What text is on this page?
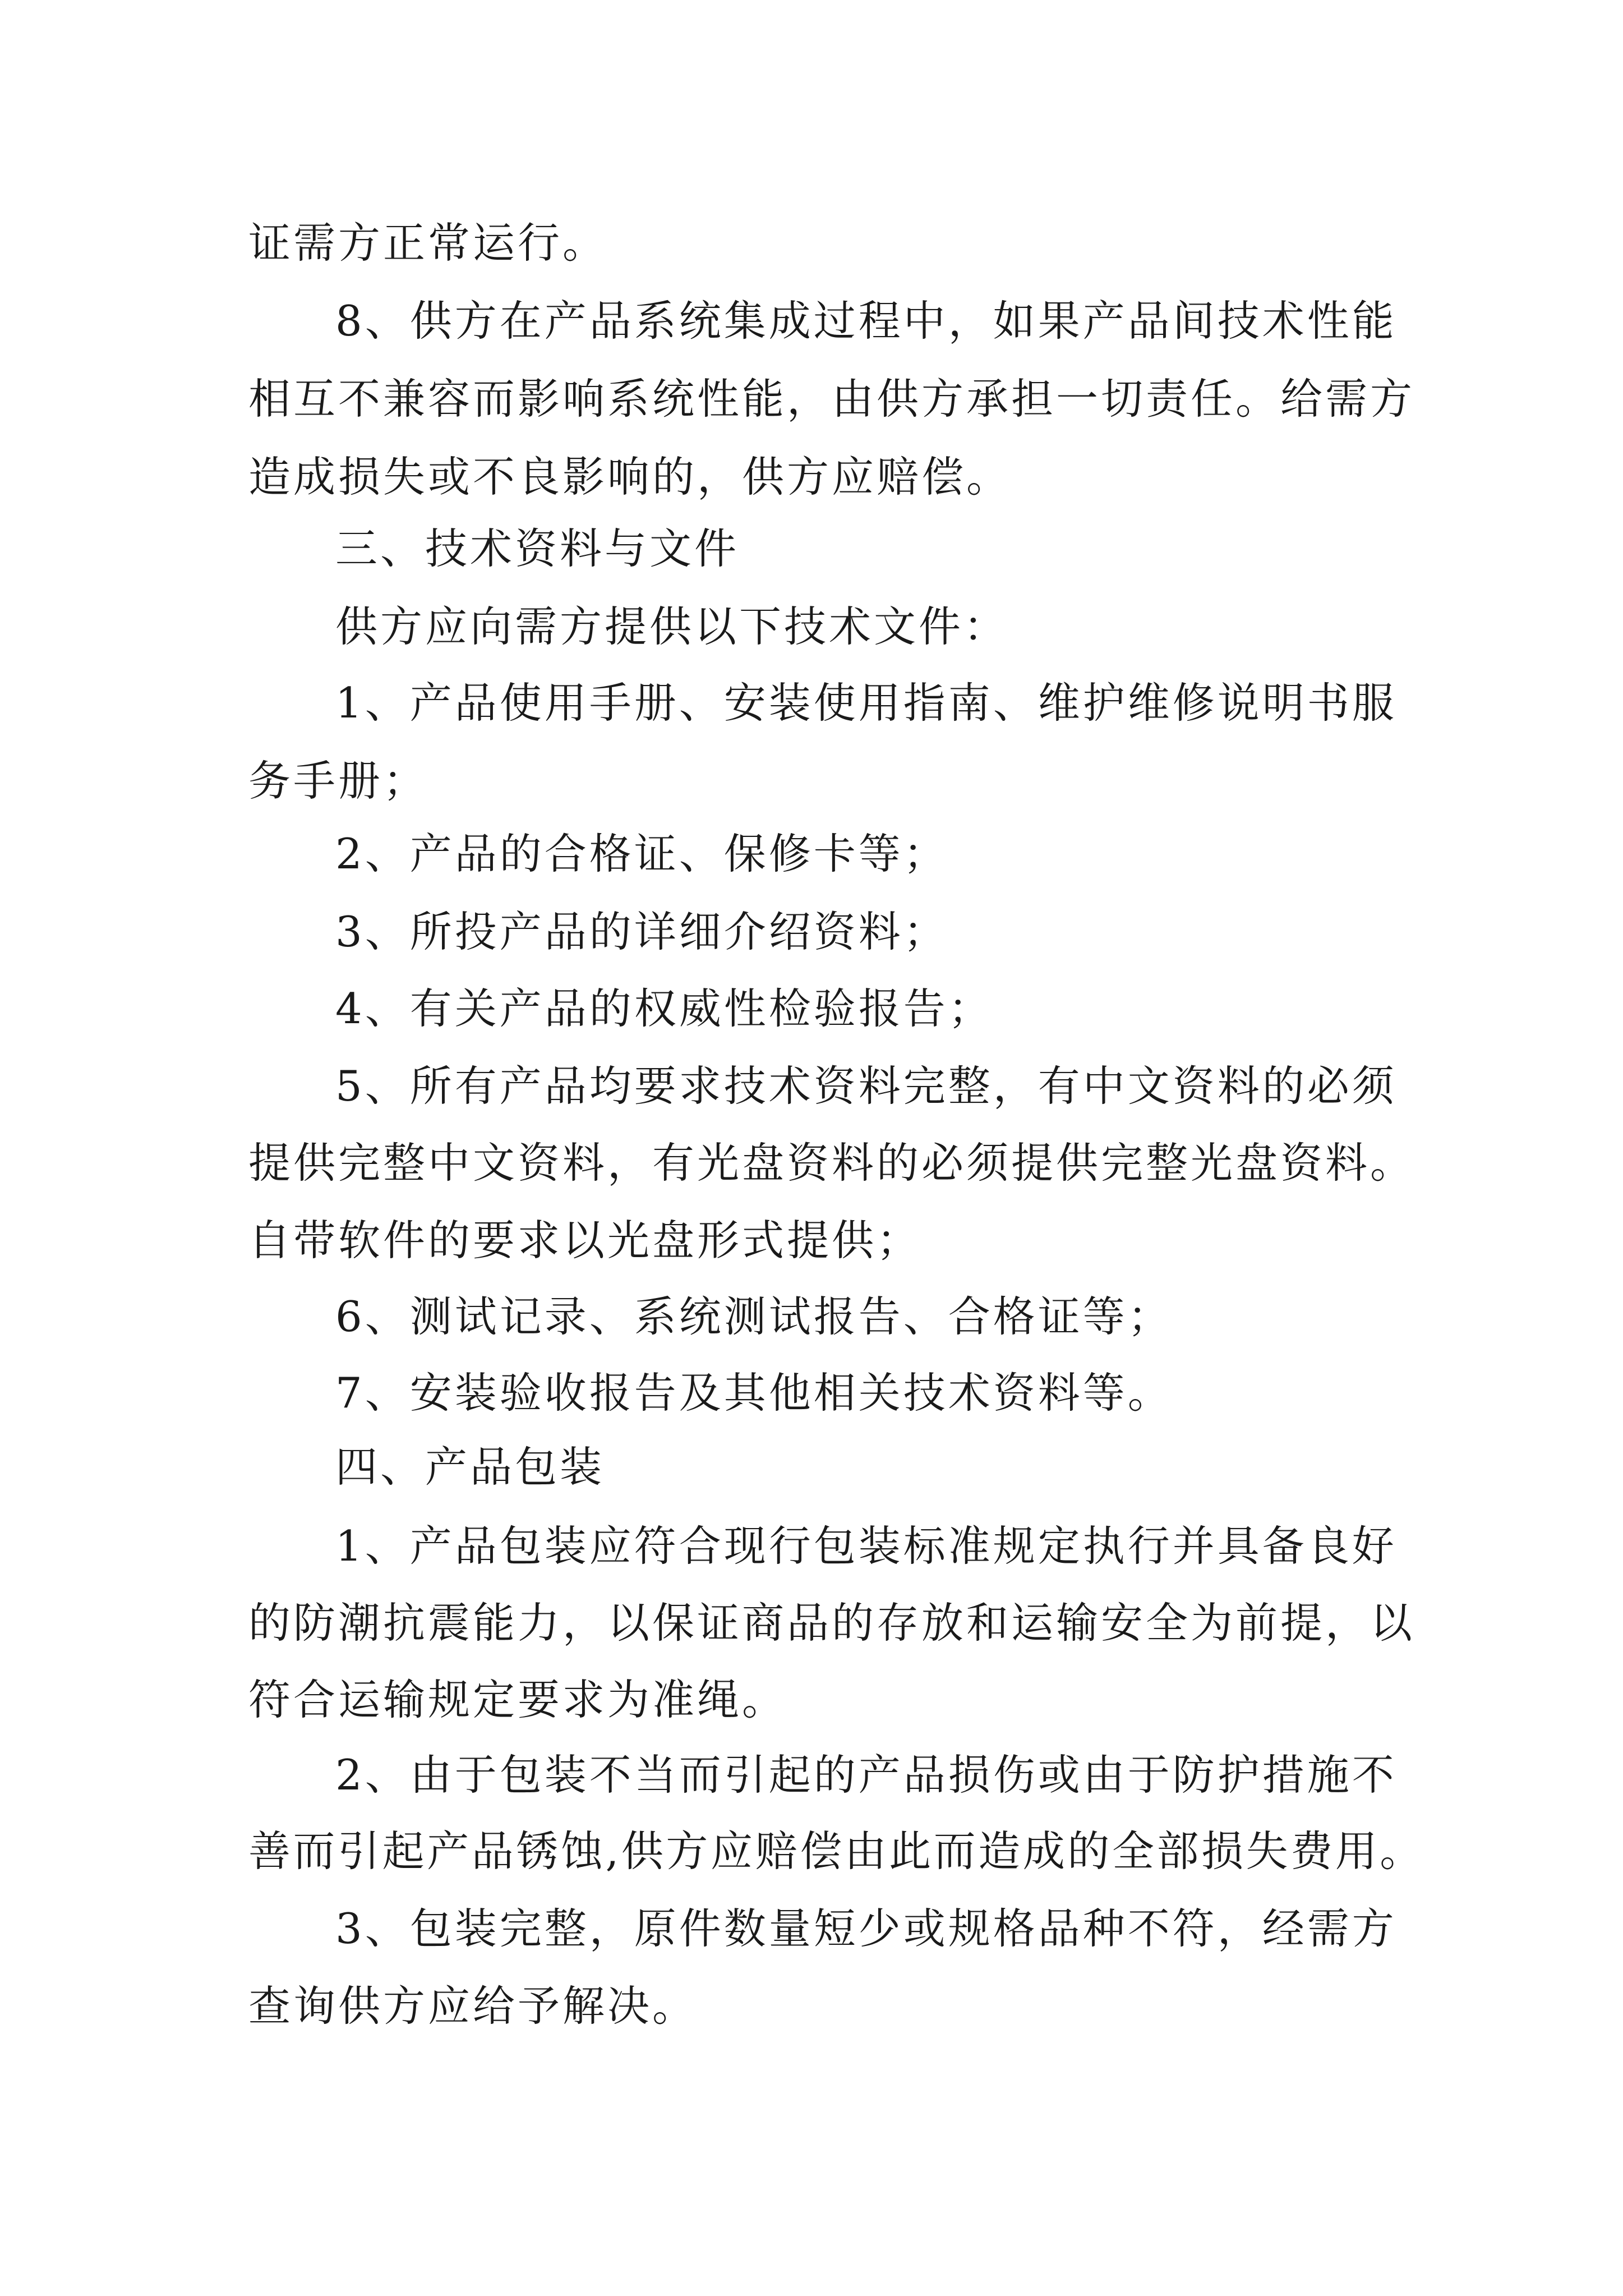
证需方正常运行。
8、供方在产品系统集成过程中，如果产品间技术性能
相互不兼容而影响系统性能，由供方承担一切责任。给需方
造成损失或不良影响的，供方应赔偿。
三、技术资料与文件
供方应向需方提供以下技术文件：
1、产品使用手册、安装使用指南、维护维修说明书服
务手册；
2、产品的合格证、保修卡等；
3、所投产品的详细介绍资料；
4、有关产品的权威性检验报告；
5、所有产品均要求技术资料完整，有中文资料的必须
提供完整中文资料，有光盘资料的必须提供完整光盘资料。
自带软件的要求以光盘形式提供；
6、测试记录、系统测试报告、合格证等；
7、安装验收报告及其他相关技术资料等。
四、产品包装
1、产品包装应符合现行包装标准规定执行并具备良好
的防潮抗震能力，以保证商品的存放和运输安全为前提，以
符合运输规定要求为准绳。
2、由于包装不当而引起的产品损伤或由于防护措施不
善而引起产品锈蚀,供方应赔偿由此而造成的全部损失费用。
3、包装完整，原件数量短少或规格品种不符，经需方
查询供方应给予解决。
